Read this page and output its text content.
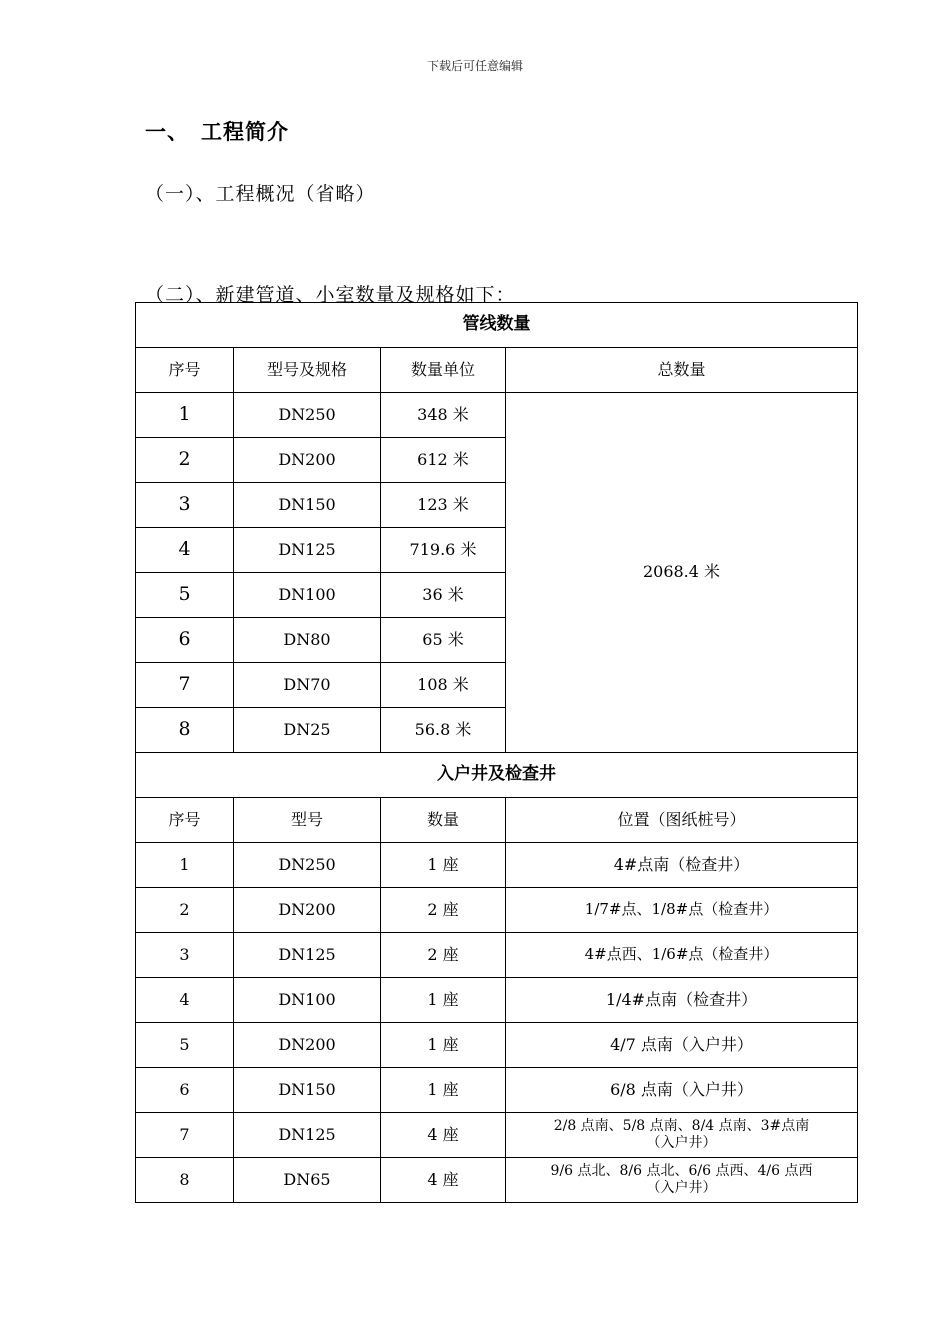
下载后可任意编辑
一、 工程简介
（一）、工程概况（省略）
（二）、新建管道、小室数量及规格如下：
管线数量			
序号	型号及规格	数量单位	总数量
1	DN250	348 米	2068.4 米
2	DN200	612 米	
3	DN150	123 米	
4	DN125	719.6 米	
5	DN100	36 米	
6	DN80	65 米	
7	DN70	108 米	
8	DN25	56.8 米	
入户井及检查井			
序号	型号	数量	位置（图纸桩号）
1	DN250	1 座	4#点南（检查井）
2	DN200	2 座	1/7#点、1/8#点（检查井）
3	DN125	2 座	4#点西、1/6#点（检查井）
4	DN100	1 座	1/4#点南（检查井）
5	DN200	1 座	4/7 点南（入户井）
6	DN150	1 座	6/8 点南（入户井）
7	DN125	4 座	2/8 点南、5/8 点南、8/4 点南、3#点南
（入户井）

8	DN65	4 座	9/6 点北、8/6 点北、6/6 点西、4/6 点西
（入户井）
